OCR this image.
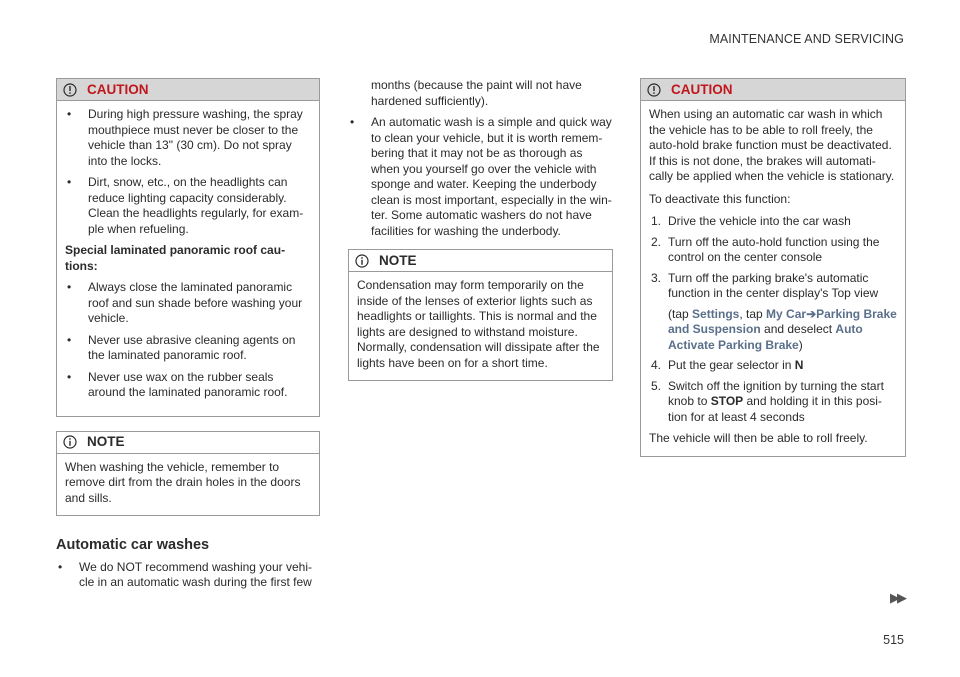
MAINTENANCE AND SERVICING
CAUTION
• During high pressure washing, the spray mouthpiece must never be closer to the vehicle than 13" (30 cm). Do not spray into the locks.
• Dirt, snow, etc., on the headlights can reduce lighting capacity considerably. Clean the headlights regularly, for exam-ple when refueling.
Special laminated panoramic roof cau-tions:
• Always close the laminated panoramic roof and sun shade before washing your vehicle.
• Never use abrasive cleaning agents on the laminated panoramic roof.
• Never use wax on the rubber seals around the laminated panoramic roof.
NOTE
When washing the vehicle, remember to remove dirt from the drain holes in the doors and sills.
Automatic car washes
• We do NOT recommend washing your vehi-cle in an automatic wash during the first few
months (because the paint will not have hardened sufficiently).
• An automatic wash is a simple and quick way to clean your vehicle, but it is worth remem-bering that it may not be as thorough as when you yourself go over the vehicle with sponge and water. Keeping the underbody clean is most important, especially in the win-ter. Some automatic washers do not have facilities for washing the underbody.
NOTE
Condensation may form temporarily on the inside of the lenses of exterior lights such as headlights or taillights. This is normal and the lights are designed to withstand moisture. Normally, condensation will dissipate after the lights have been on for a short time.
CAUTION
When using an automatic car wash in which the vehicle has to be able to roll freely, the auto-hold brake function must be deactivated. If this is not done, the brakes will automati-cally be applied when the vehicle is stationary.
To deactivate this function:
1. Drive the vehicle into the car wash
2. Turn off the auto-hold function using the control on the center console
3. Turn off the parking brake's automatic function in the center display's Top view
(tap Settings, tap My Car➔Parking Brake and Suspension and deselect Auto Activate Parking Brake)
4. Put the gear selector in N
5. Switch off the ignition by turning the start knob to STOP and holding it in this posi-tion for at least 4 seconds
The vehicle will then be able to roll freely.
▶▶
515
